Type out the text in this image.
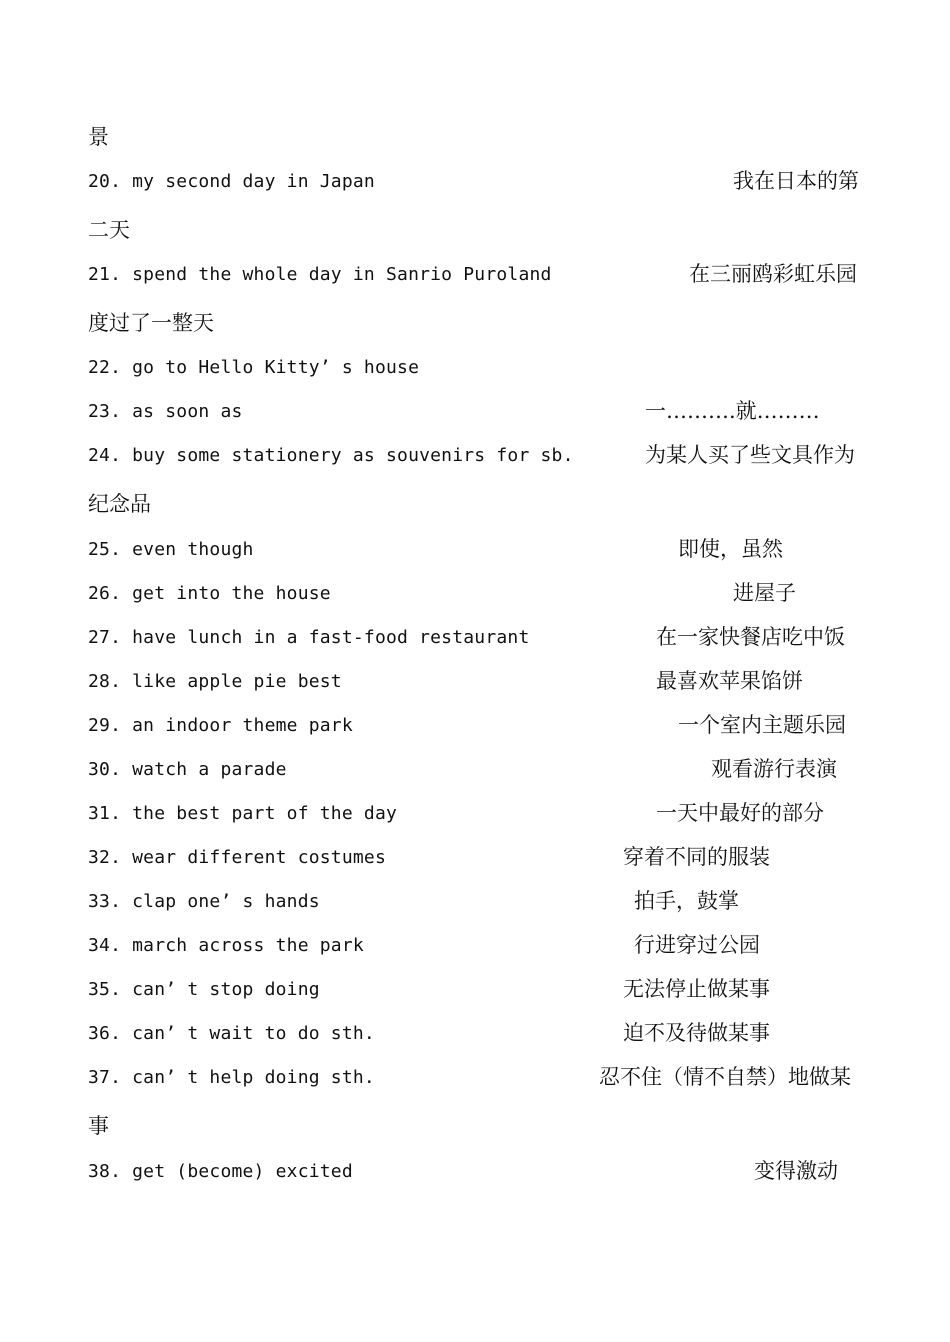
景
20. my second day in Japan	我在日本的第
二天
21. spend the whole day in Sanrio Puroland	在三丽鸥彩虹乐园
度过了一整天
22. go to Hello Kitty’ s house
23. as soon as	一……….就………
24. buy some stationery as souvenirs for sb.	为某人买了些文具作为
纪念品
25. even though	即使，虽然
26. get into the house	进屋子
27. have lunch in a fast-food restaurant	在一家快餐店吃中饭
28. like apple pie best	最喜欢苹果馅饼
29. an indoor theme park	一个室内主题乐园
30. watch a parade	观看游行表演
31. the best part of the day	一天中最好的部分
32. wear different costumes	穿着不同的服装
33. clap one’ s hands	拍手，鼓掌
34. march across the park	行进穿过公园
35. can’ t stop doing	无法停止做某事
36. can’ t wait to do sth.	迫不及待做某事
37. can’ t help doing sth.	忍不住（情不自禁）地做某
事
38. get (become) excited	变得激动
